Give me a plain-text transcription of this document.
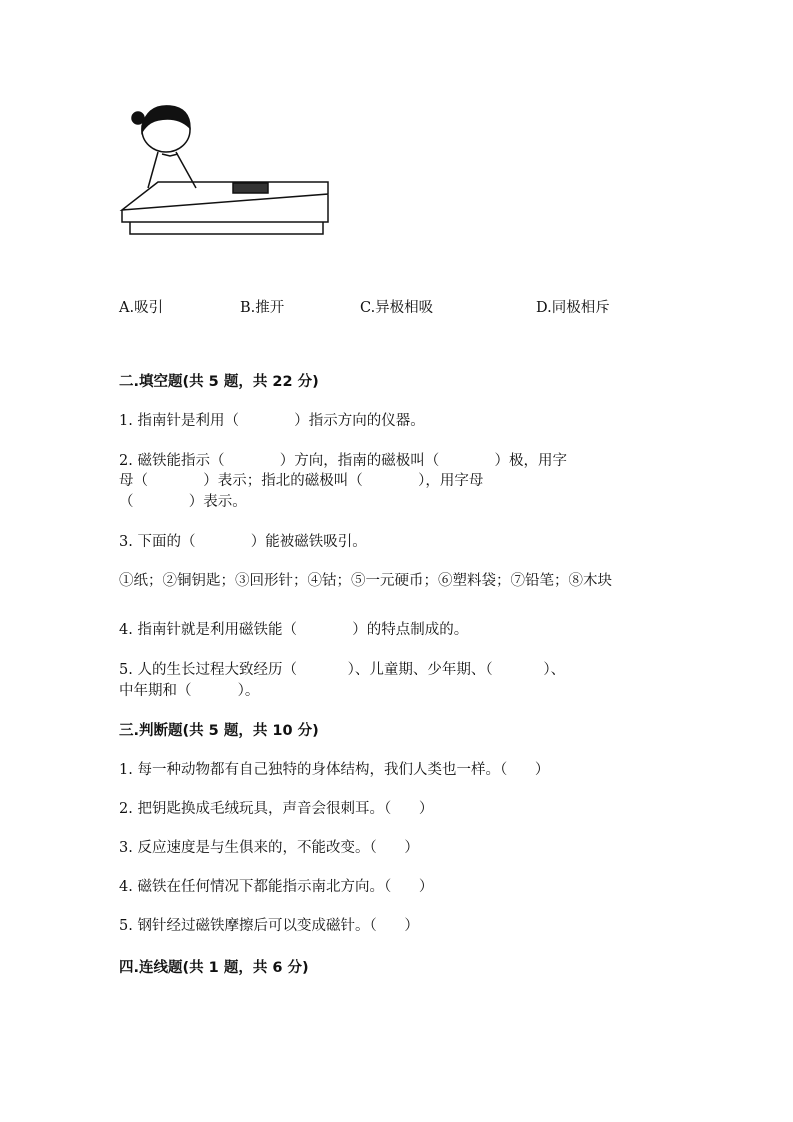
A.吸引	B.推开	C.异极相吸	D.同极相斥
二.填空题(共 5 题，共 22 分)
1. 指南针是利用（            ）指示方向的仪器。
2. 磁铁能指示（            ）方向，指南的磁极叫（            ）极，用字
母（            ）表示；指北的磁极叫（            ），用字母
（            ）表示。
3. 下面的（            ）能被磁铁吸引。
①纸；②铜钥匙；③回形针；④钴；⑤一元硬币；⑥塑料袋；⑦铅笔；⑧木块
4. 指南针就是利用磁铁能（            ）的特点制成的。
5. 人的生长过程大致经历（           ）、儿童期、少年期、（           ）、
中年期和（          ）。
三.判断题(共 5 题，共 10 分)
1. 每一种动物都有自己独特的身体结构，我们人类也一样。（      ）
2. 把钥匙换成毛绒玩具，声音会很刺耳。（      ）
3. 反应速度是与生俱来的，不能改变。（      ）
4. 磁铁在任何情况下都能指示南北方向。（      ）
5. 钢针经过磁铁摩擦后可以变成磁针。（      ）
四.连线题(共 1 题，共 6 分)
